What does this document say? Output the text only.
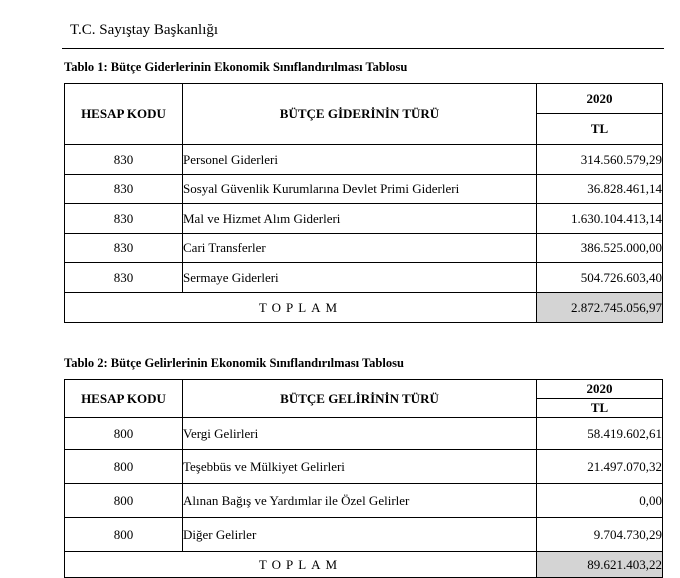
T.C. Sayıştay Başkanlığı
Tablo 1: Bütçe Giderlerinin Ekonomik Sınıflandırılması Tablosu
HESAP KODU	BÜTÇE GİDERİNİN TÜRÜ	2020
		TL
830	Personel Giderleri	314.560.579,29
830	Sosyal Güvenlik Kurumlarına Devlet Primi Giderleri	36.828.461,14
830	Mal ve Hizmet Alım Giderleri	1.630.104.413,14
830	Cari Transferler	386.525.000,00
830	Sermaye Giderleri	504.726.603,40
TOPLAM		2.872.745.056,97
Tablo 2: Bütçe Gelirlerinin Ekonomik Sınıflandırılması Tablosu
HESAP KODU	BÜTÇE GELİRİNİN TÜRÜ	2020
		TL
800	Vergi Gelirleri	58.419.602,61
800	Teşebbüs ve Mülkiyet Gelirleri	21.497.070,32
800	Alınan Bağış ve Yardımlar ile Özel Gelirler	0,00
800	Diğer Gelirler	9.704.730,29
TOPLAM		89.621.403,22
